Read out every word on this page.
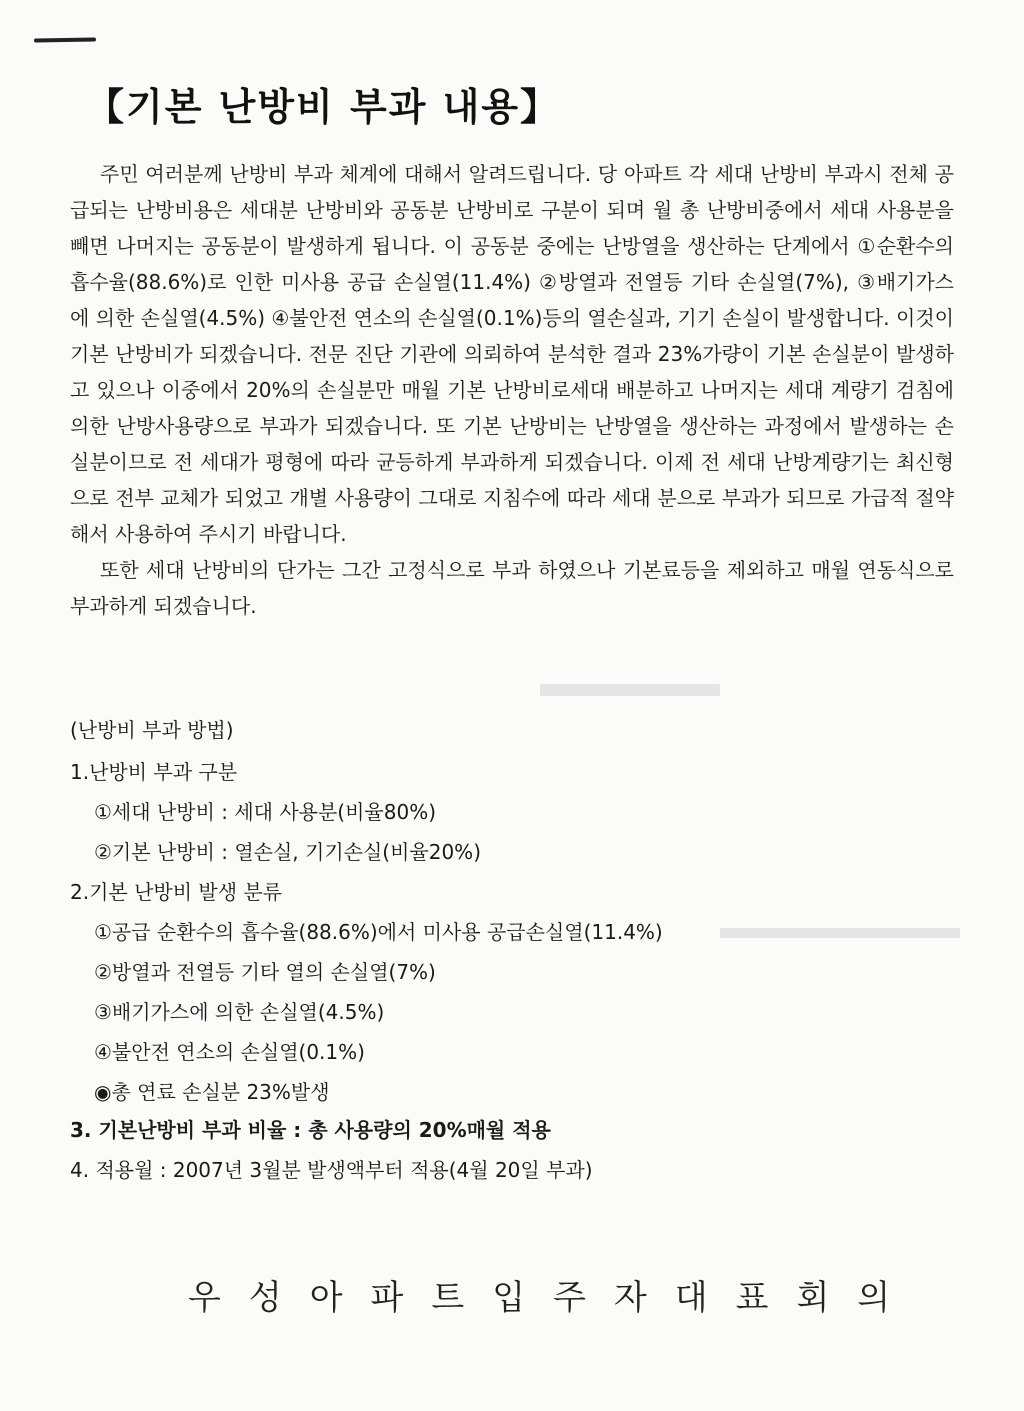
【기본 난방비 부과 내용】

주민 여러분께 난방비 부과 체계에 대해서 알려드립니다. 당 아파트 각 세대 난방비 부과시 전체 공급되는 난방비용은 세대분 난방비와 공동분 난방비로 구분이 되며 월 총 난방비중에서 세대 사용분을 빼면 나머지는 공동분이 발생하게 됩니다. 이 공동분 중에는 난방열을 생산하는 단계에서 ①순환수의 흡수율(88.6%)로 인한 미사용 공급 손실열(11.4%) ②방열과 전열등 기타 손실열(7%), ③배기가스에 의한 손실열(4.5%) ④불안전 연소의 손실열(0.1%)등의 열손실과, 기기 손실이 발생합니다. 이것이 기본 난방비가 되겠습니다. 전문 진단 기관에 의뢰하여 분석한 결과 23%가량이 기본 손실분이 발생하고 있으나 이중에서 20%의 손실분만 매월 기본 난방비로세대 배분하고 나머지는 세대 계량기 검침에 의한 난방사용량으로 부과가 되겠습니다. 또 기본 난방비는 난방열을 생산하는 과정에서 발생하는 손실분이므로 전 세대가 평형에 따라 균등하게 부과하게 되겠습니다. 이제 전 세대 난방계량기는 최신형으로 전부 교체가 되었고 개별 사용량이 그대로 지침수에 따라 세대 분으로 부과가 되므로 가급적 절약해서 사용하여 주시기 바랍니다.

또한 세대 난방비의 단가는 그간 고정식으로 부과 하였으나 기본료등을 제외하고 매월 연동식으로 부과하게 되겠습니다.

(난방비 부과 방법)
1.난방비 부과 구분
①세대 난방비 : 세대 사용분(비율80%)
②기본 난방비 : 열손실, 기기손실(비율20%)
2.기본 난방비 발생 분류
①공급 순환수의 흡수율(88.6%)에서 미사용 공급손실열(11.4%)
②방열과 전열등 기타 열의 손실열(7%)
③배기가스에 의한 손실열(4.5%)
④불안전 연소의 손실열(0.1%)
◉총 연료 손실분 23%발생
3. 기본난방비 부과 비율 : 총 사용량의 20%매월 적용
4. 적용월 : 2007년 3월분 발생액부터 적용(4월 20일 부과)
우성아파트입주자대표회의
